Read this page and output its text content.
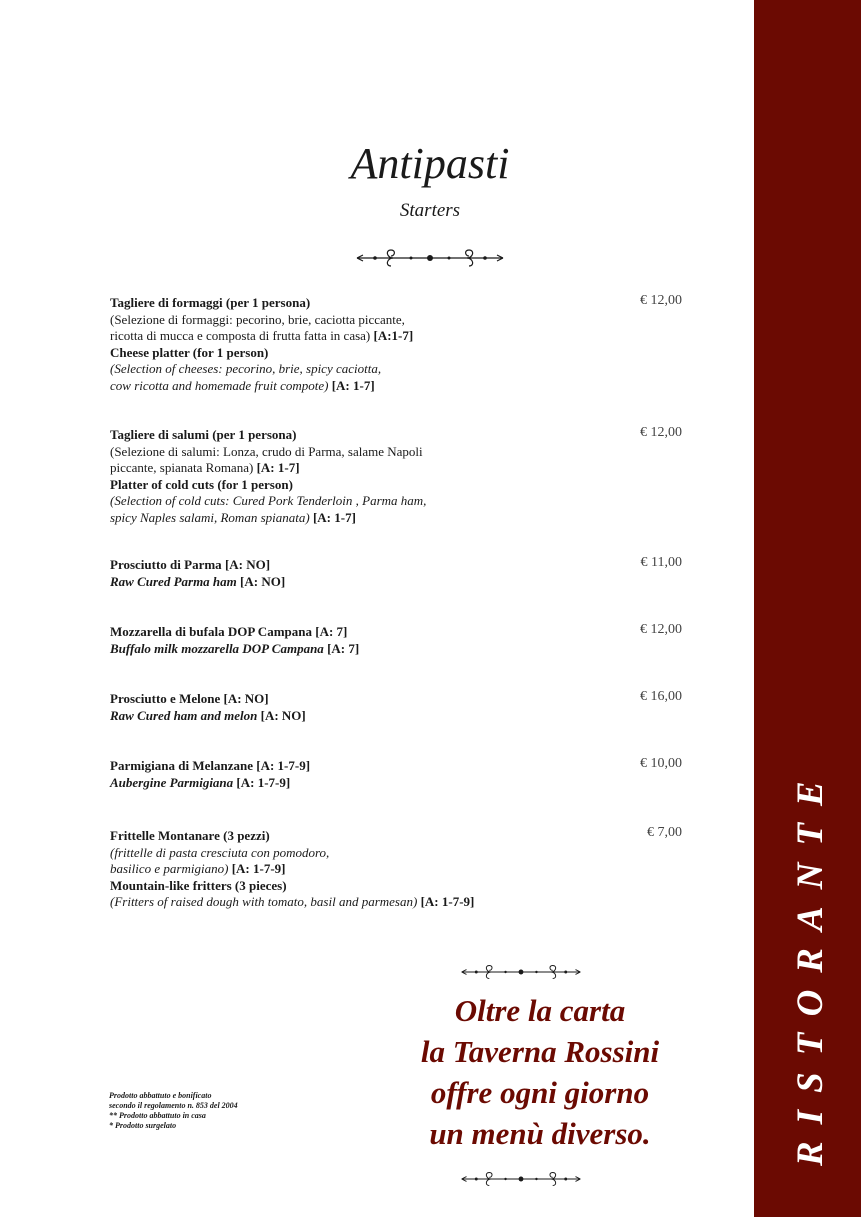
RISTORANTE
Antipasti
Starters
Tagliere di formaggi (per 1 persona)
(Selezione di formaggi: pecorino, brie, caciotta piccante,
ricotta di mucca e composta di frutta fatta in casa) [A:1-7]
Cheese platter (for 1 person)
(Selection of cheeses: pecorino, brie, spicy caciotta,
cow ricotta and homemade fruit compote) [A: 1-7]
€ 12,00
Tagliere di salumi (per 1 persona)
(Selezione di salumi: Lonza, crudo di Parma, salame Napoli
piccante, spianata Romana) [A: 1-7]
Platter of cold cuts (for 1 person)
(Selection of cold cuts: Cured Pork Tenderloin , Parma ham,
spicy Naples salami, Roman spianata) [A: 1-7]
€ 12,00
Prosciutto di Parma [A: NO]
Raw Cured Parma ham [A: NO]
€ 11,00
Mozzarella di bufala DOP Campana [A: 7]
Buffalo milk mozzarella DOP Campana [A: 7]
€ 12,00
Prosciutto e Melone [A: NO]
Raw Cured ham and melon [A: NO]
€ 16,00
Parmigiana di Melanzane [A: 1-7-9]
Aubergine Parmigiana [A: 1-7-9]
€ 10,00
Frittelle Montanare (3 pezzi)
(frittelle di pasta cresciuta con pomodoro,
basilico e parmigiano) [A: 1-7-9]
Mountain-like fritters (3 pieces)
(Fritters of raised dough with tomato, basil and parmesan) [A: 1-7-9]
€ 7,00
Oltre la carta
la Taverna Rossini
offre ogni giorno
un menù diverso.
Prodotto abbattuto e bonificato
secondo il regolamento n. 853 del 2004
** Prodotto abbattuto in casa
* Prodotto surgelato
